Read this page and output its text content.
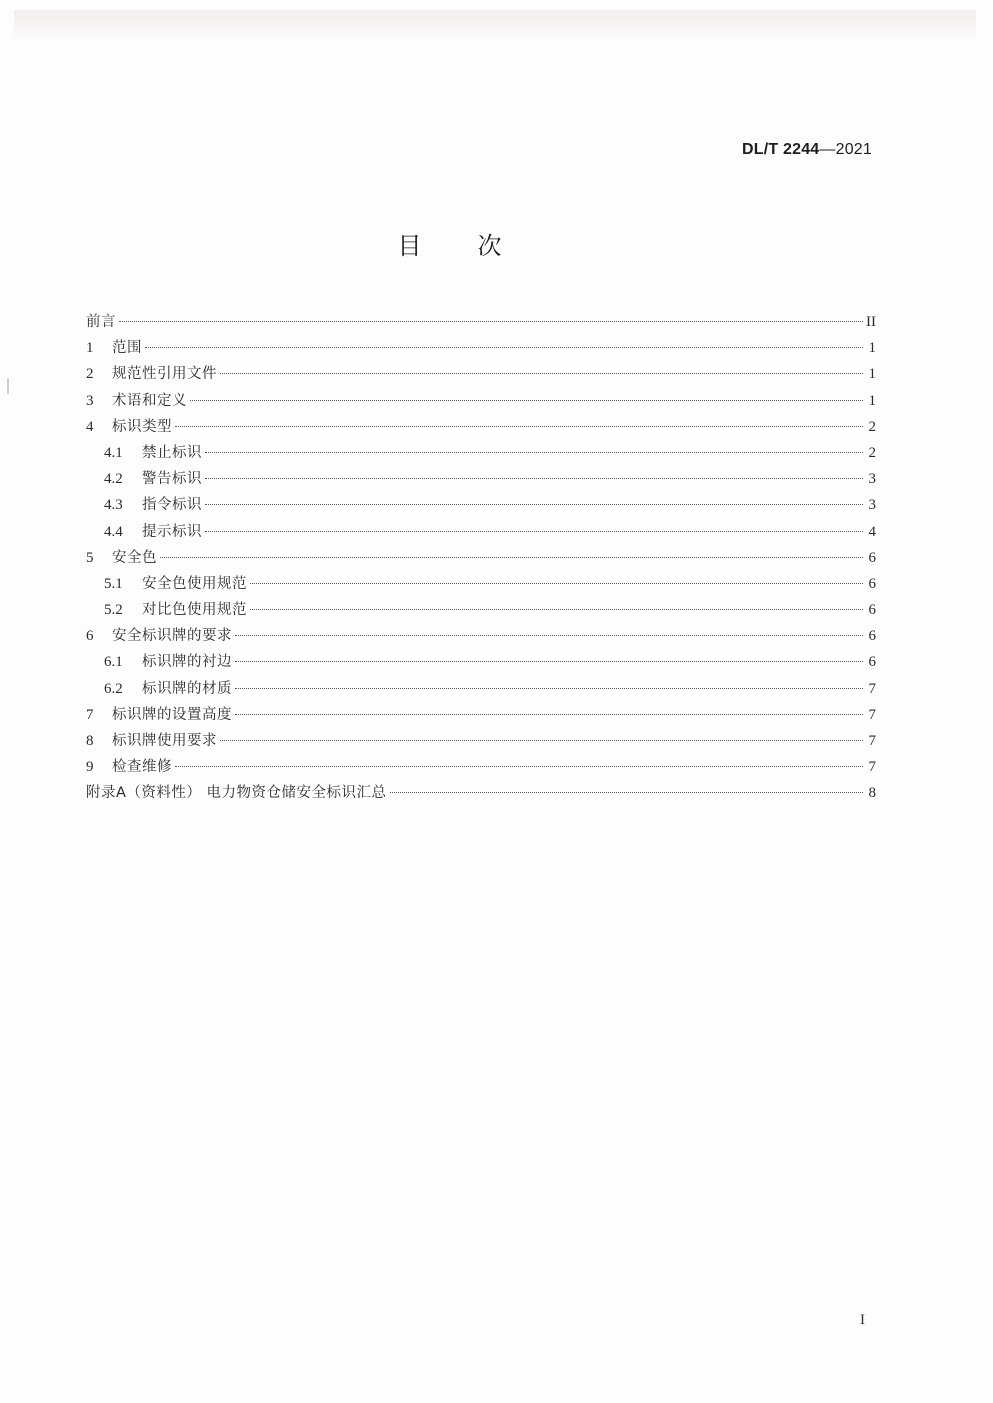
DL/T 2244—2021
目次
前言	II
1	范围	1
2	规范性引用文件	1
3	术语和定义	1
4	标识类型	2
4.1	禁止标识	2
4.2	警告标识	3
4.3	指令标识	3
4.4	提示标识	4
5	安全色	6
5.1	安全色使用规范	6
5.2	对比色使用规范	6
6	安全标识牌的要求	6
6.1	标识牌的衬边	6
6.2	标识牌的材质	7
7	标识牌的设置高度	7
8	标识牌使用要求	7
9	检查维修	7
附录A（资料性） 电力物资仓储安全标识汇总	8
I
